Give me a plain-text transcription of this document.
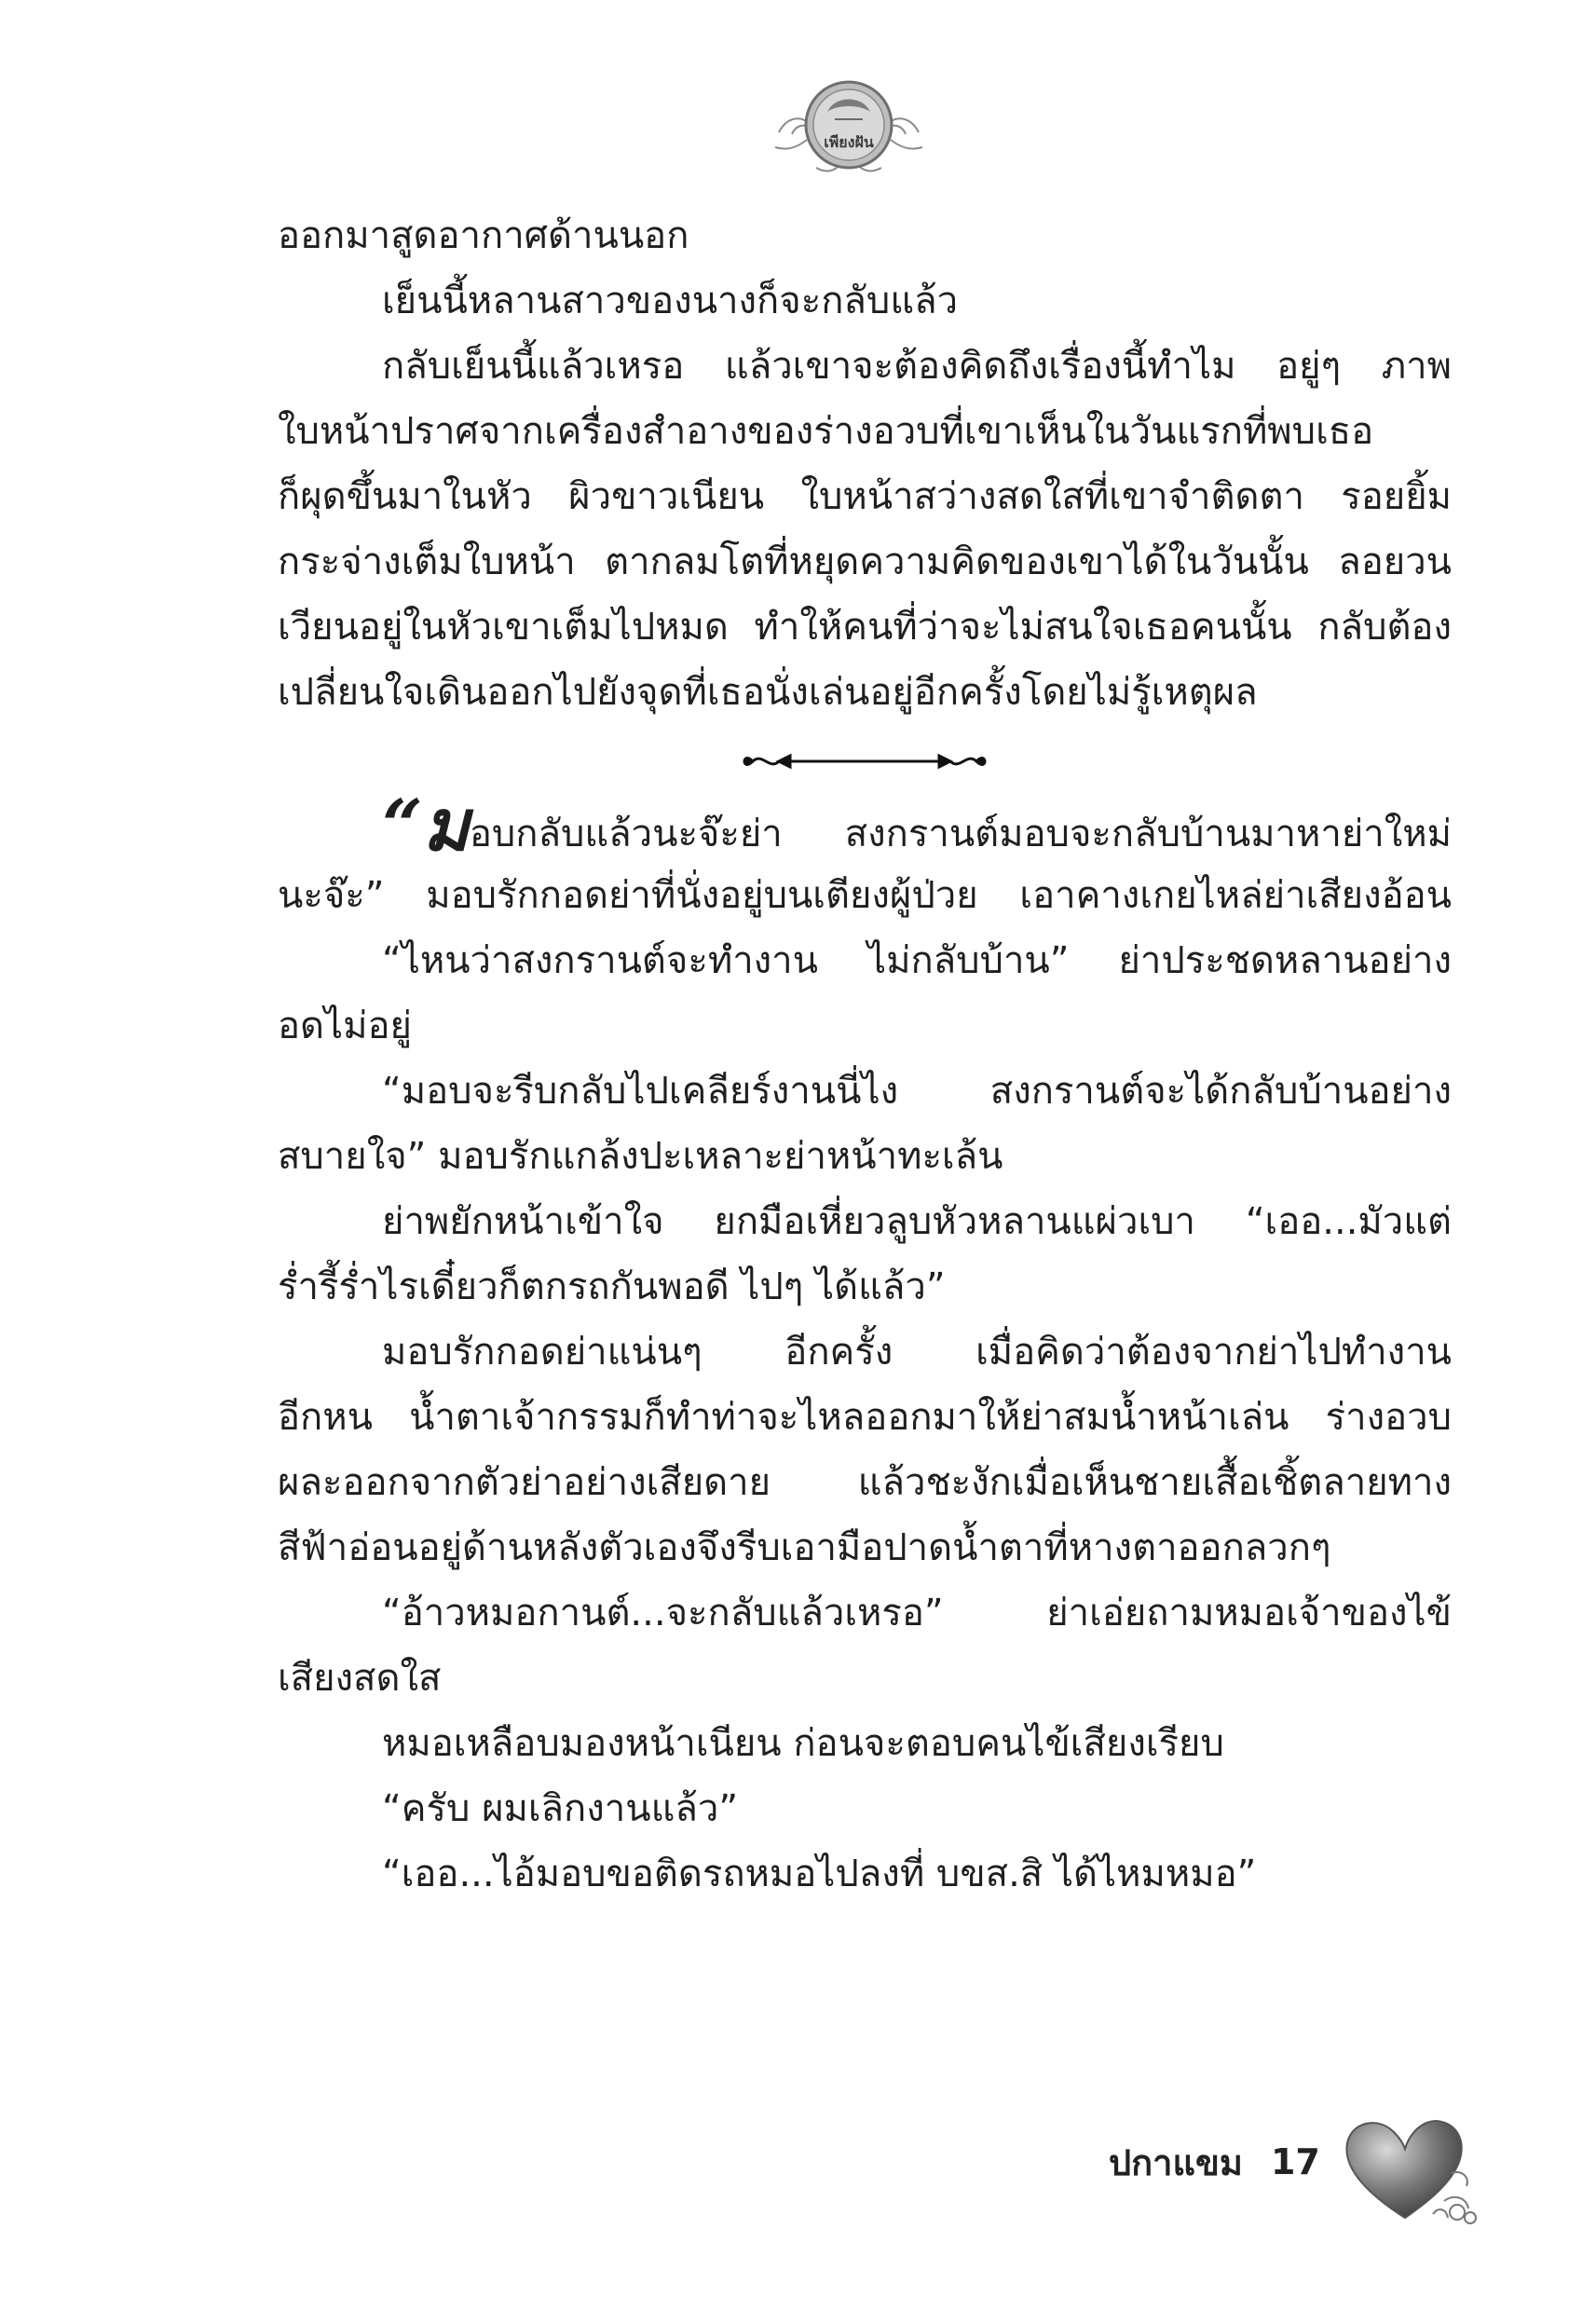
เพียงฝัน
ออกมาสูดอากาศด้านนอก
เย็นนี้หลานสาวของนางก็จะกลับแล้ว
กลับเย็นนี้แล้วเหรอ แล้วเขาจะต้องคิดถึงเรื่องนี้ทำไม อยู่ๆ ภาพ
ใบหน้าปราศจากเครื่องสำอางของร่างอวบที่เขาเห็นในวันแรกที่พบเธอ
ก็ผุดขึ้นมาในหัว ผิวขาวเนียน ใบหน้าสว่างสดใสที่เขาจำติดตา รอยยิ้ม
กระจ่างเต็มใบหน้า ตากลมโตที่หยุดความคิดของเขาได้ในวันนั้น ลอยวน
เวียนอยู่ในหัวเขาเต็มไปหมด ทำให้คนที่ว่าจะไม่สนใจเธอคนนั้น กลับต้อง
เปลี่ยนใจเดินออกไปยังจุดที่เธอนั่งเล่นอยู่อีกครั้งโดยไม่รู้เหตุผล
“มอบกลับแล้วนะจ๊ะย่า สงกรานต์มอบจะกลับบ้านมาหาย่าใหม่
นะจ๊ะ” มอบรักกอดย่าที่นั่งอยู่บนเตียงผู้ป่วย เอาคางเกยไหล่ย่าเสียงอ้อน
“ไหนว่าสงกรานต์จะทำงาน ไม่กลับบ้าน” ย่าประชดหลานอย่าง
อดไม่อยู่
“มอบจะรีบกลับไปเคลียร์งานนี่ไง สงกรานต์จะได้กลับบ้านอย่าง
สบายใจ” มอบรักแกล้งปะเหลาะย่าหน้าทะเล้น
ย่าพยักหน้าเข้าใจ ยกมือเหี่ยวลูบหัวหลานแผ่วเบา “เออ...มัวแต่
ร่ำรี้ร่ำไรเดี๋ยวก็ตกรถกันพอดี ไปๆ ได้แล้ว”
มอบรักกอดย่าแน่นๆ อีกครั้ง เมื่อคิดว่าต้องจากย่าไปทำงาน
อีกหน น้ำตาเจ้ากรรมก็ทำท่าจะไหลออกมาให้ย่าสมน้ำหน้าเล่น ร่างอวบ
ผละออกจากตัวย่าอย่างเสียดาย แล้วชะงักเมื่อเห็นชายเสื้อเชิ้ตลายทาง
สีฟ้าอ่อนอยู่ด้านหลังตัวเองจึงรีบเอามือปาดน้ำตาที่หางตาออกลวกๆ
“อ้าวหมอกานต์...จะกลับแล้วเหรอ” ย่าเอ่ยถามหมอเจ้าของไข้
เสียงสดใส
หมอเหลือบมองหน้าเนียน ก่อนจะตอบคนไข้เสียงเรียบ
“ครับ ผมเลิกงานแล้ว”
“เออ...ไอ้มอบขอติดรถหมอไปลงที่ บขส.สิ ได้ไหมหมอ”
ปกาแขม 17
